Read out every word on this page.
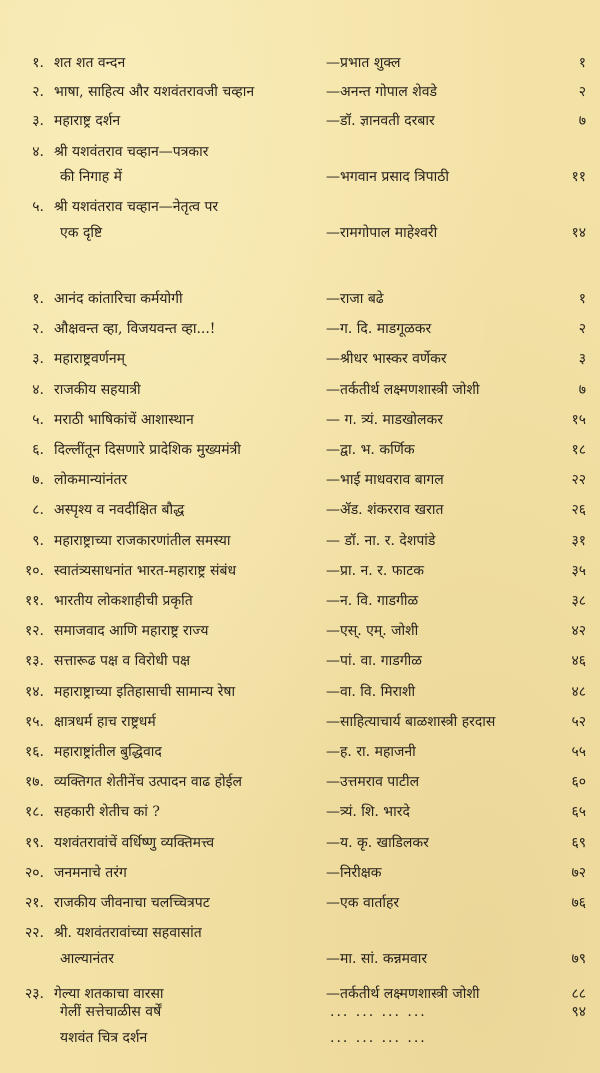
१. शत शत वन्दन	—प्रभात शुक्ल	१
२. भाषा, साहित्य और यशवंतरावजी चव्हान	—अनन्त गोपाल शेवडे	२
३. महाराष्ट्र दर्शन	—डॉ. ज्ञानवती दरबार	७
४. श्री यशवंतराव चव्हान—पत्रकार
की निगाह में	—भगवान प्रसाद त्रिपाठी	११
५. श्री यशवंतराव चव्हान—नेतृत्व पर
एक दृष्टि	—रामगोपाल माहेश्वरी	१४
१. आनंद कांतारिचा कर्मयोगी	—राजा बढे	१
२. औक्षवन्त व्हा, विजयवन्त व्हा...!	—ग. दि. माडगूळकर	२
३. महाराष्ट्रवर्णनम्	—श्रीधर भास्कर वर्णेकर	३
४. राजकीय सहयात्री	—तर्कतीर्थ लक्ष्मणशास्त्री जोशी	७
५. मराठी भाषिकांचें आशास्थान	— ग. त्र्यं. माडखोलकर	१५
६. दिल्लींतून दिसणारे प्रादेशिक मुख्यमंत्री	—द्वा. भ. कर्णिक	१८
७. लोकमान्यांनंतर	—भाई माधवराव बागल	२२
८. अस्पृश्य व नवदीक्षित बौद्ध	—ॲड. शंकरराव खरात	२६
९. महाराष्ट्राच्या राजकारणांतील समस्या	— डॉ. ना. र. देशपांडे	३१
१०. स्वातंत्र्यसाधनांत भारत-महाराष्ट्र संबंध	—प्रा. न. र. फाटक	३५
११. भारतीय लोकशाहीची प्रकृति	—न. वि. गाडगीळ	३८
१२. समाजवाद आणि महाराष्ट्र राज्य	—एस्. एम्. जोशी	४२
१३. सत्तारूढ पक्ष व विरोधी पक्ष	—पां. वा. गाडगीळ	४६
१४. महाराष्ट्राच्या इतिहासाची सामान्य रेषा	—वा. वि. मिराशी	४८
१५. क्षात्रधर्म हाच राष्ट्रधर्म	—साहित्याचार्य बाळशास्त्री हरदास	५२
१६. महाराष्ट्रांतील बुद्धिवाद	—ह. रा. महाजनी	५५
१७. व्यक्तिगत शेतीनेंच उत्पादन वाढ होईल	—उत्तमराव पाटील	६०
१८. सहकारी शेतीच कां ?	—त्र्यं. शि. भारदे	६५
१९. यशवंतरावांचें वर्धिष्णु व्यक्तिमत्त्व	—य. कृ. खाडिलकर	६९
२०. जनमनाचे तरंग	—निरीक्षक	७२
२१. राजकीय जीवनाचा चलच्चित्रपट	—एक वार्ताहर	७६
२२. श्री. यशवंतरावांच्या सहवासांत
आल्यानंतर	—मा. सां. कन्नमवार	७९
२३. गेल्या शतकाचा वारसा	—तर्कतीर्थ लक्ष्मणशास्त्री जोशी	८८
गेलीं सत्तेचाळीस वर्षें	... ... ... ...	९४
यशवंत चित्र दर्शन	... ... ... ...
